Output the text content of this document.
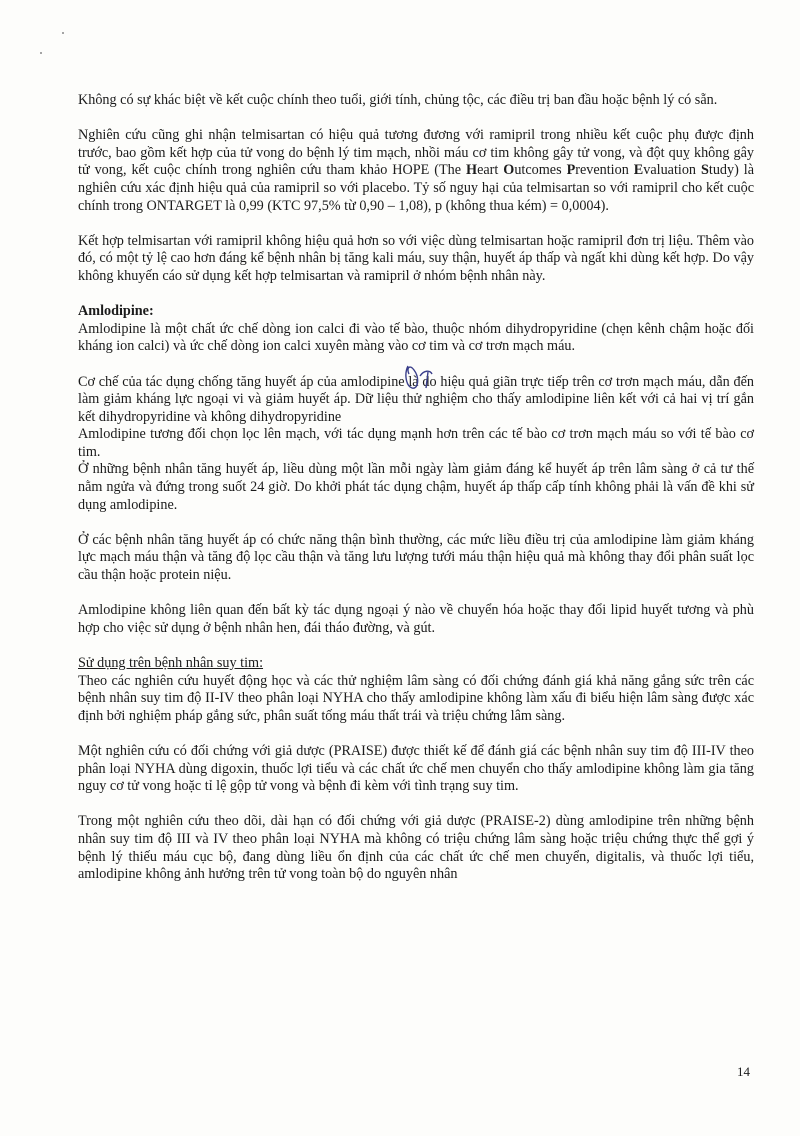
Không có sự khác biệt về kết cuộc chính theo tuổi, giới tính, chủng tộc, các điều trị ban đầu hoặc bệnh lý có sẵn.

Nghiên cứu cũng ghi nhận telmisartan có hiệu quả tương đương với ramipril trong nhiều kết cuộc phụ được định trước, bao gồm kết hợp của tử vong do bệnh lý tim mạch, nhồi máu cơ tim không gây tử vong, và đột quỵ không gây tử vong, kết cuộc chính trong nghiên cứu tham khảo HOPE (The Heart Outcomes Prevention Evaluation Study) là nghiên cứu xác định hiệu quả của ramipril so với placebo. Tỷ số nguy hại của telmisartan so với ramipril cho kết cuộc chính trong ONTARGET là 0,99 (KTC 97,5% từ 0,90 – 1,08), p (không thua kém) = 0,0004).

Kết hợp telmisartan với ramipril không hiệu quả hơn so với việc dùng telmisartan hoặc ramipril đơn trị liệu. Thêm vào đó, có một tỷ lệ cao hơn đáng kể bệnh nhân bị tăng kali máu, suy thận, huyết áp thấp và ngất khi dùng kết hợp. Do vậy không khuyến cáo sử dụng kết hợp telmisartan và ramipril ở nhóm bệnh nhân này.

Amlodipine:

Amlodipine là một chất ức chế dòng ion calci đi vào tế bào, thuộc nhóm dihydropyridine (chẹn kênh chậm hoặc đối kháng ion calci) và ức chế dòng ion calci xuyên màng vào cơ tim và cơ trơn mạch máu.

Cơ chế của tác dụng chống tăng huyết áp của amlodipine là do hiệu quả giãn trực tiếp trên cơ trơn mạch máu, dẫn đến làm giảm kháng lực ngoại vi và giảm huyết áp. Dữ liệu thử nghiệm cho thấy amlodipine liên kết với cả hai vị trí gắn kết dihydropyridine và không dihydropyridine

Amlodipine tương đối chọn lọc lên mạch, với tác dụng mạnh hơn trên các tế bào cơ trơn mạch máu so với tế bào cơ tim.

Ở những bệnh nhân tăng huyết áp, liều dùng một lần mỗi ngày làm giảm đáng kể huyết áp trên lâm sàng ở cả tư thế nằm ngửa và đứng trong suốt 24 giờ. Do khởi phát tác dụng chậm, huyết áp thấp cấp tính không phải là vấn đề khi sử dụng amlodipine.

Ở các bệnh nhân tăng huyết áp có chức năng thận bình thường, các mức liều điều trị của amlodipine làm giảm kháng lực mạch máu thận và tăng độ lọc cầu thận và tăng lưu lượng tưới máu thận hiệu quả mà không thay đổi phân suất lọc cầu thận hoặc protein niệu.

Amlodipine không liên quan đến bất kỳ tác dụng ngoại ý nào về chuyển hóa hoặc thay đổi lipid huyết tương và phù hợp cho việc sử dụng ở bệnh nhân hen, đái tháo đường, và gút.

Sử dụng trên bệnh nhân suy tim:

Theo các nghiên cứu huyết động học và các thử nghiệm lâm sàng có đối chứng đánh giá khả năng gắng sức trên các bệnh nhân suy tim độ II-IV theo phân loại NYHA cho thấy amlodipine không làm xấu đi biểu hiện lâm sàng được xác định bởi nghiệm pháp gắng sức, phân suất tống máu thất trái và triệu chứng lâm sàng.

Một nghiên cứu có đối chứng với giả dược (PRAISE) được thiết kế để đánh giá các bệnh nhân suy tim độ III-IV theo phân loại NYHA dùng digoxin, thuốc lợi tiểu và các chất ức chế men chuyển cho thấy amlodipine không làm gia tăng nguy cơ tử vong hoặc tỉ lệ gộp tử vong và bệnh đi kèm với tình trạng suy tim.

Trong một nghiên cứu theo dõi, dài hạn có đối chứng với giả dược (PRAISE-2) dùng amlodipine trên những bệnh nhân suy tim độ III và IV theo phân loại NYHA mà không có triệu chứng lâm sàng hoặc triệu chứng thực thể gợi ý bệnh lý thiếu máu cục bộ, đang dùng liều ổn định của các chất ức chế men chuyển, digitalis, và thuốc lợi tiểu, amlodipine không ảnh hưởng trên tử vong toàn bộ do nguyên nhân

14
